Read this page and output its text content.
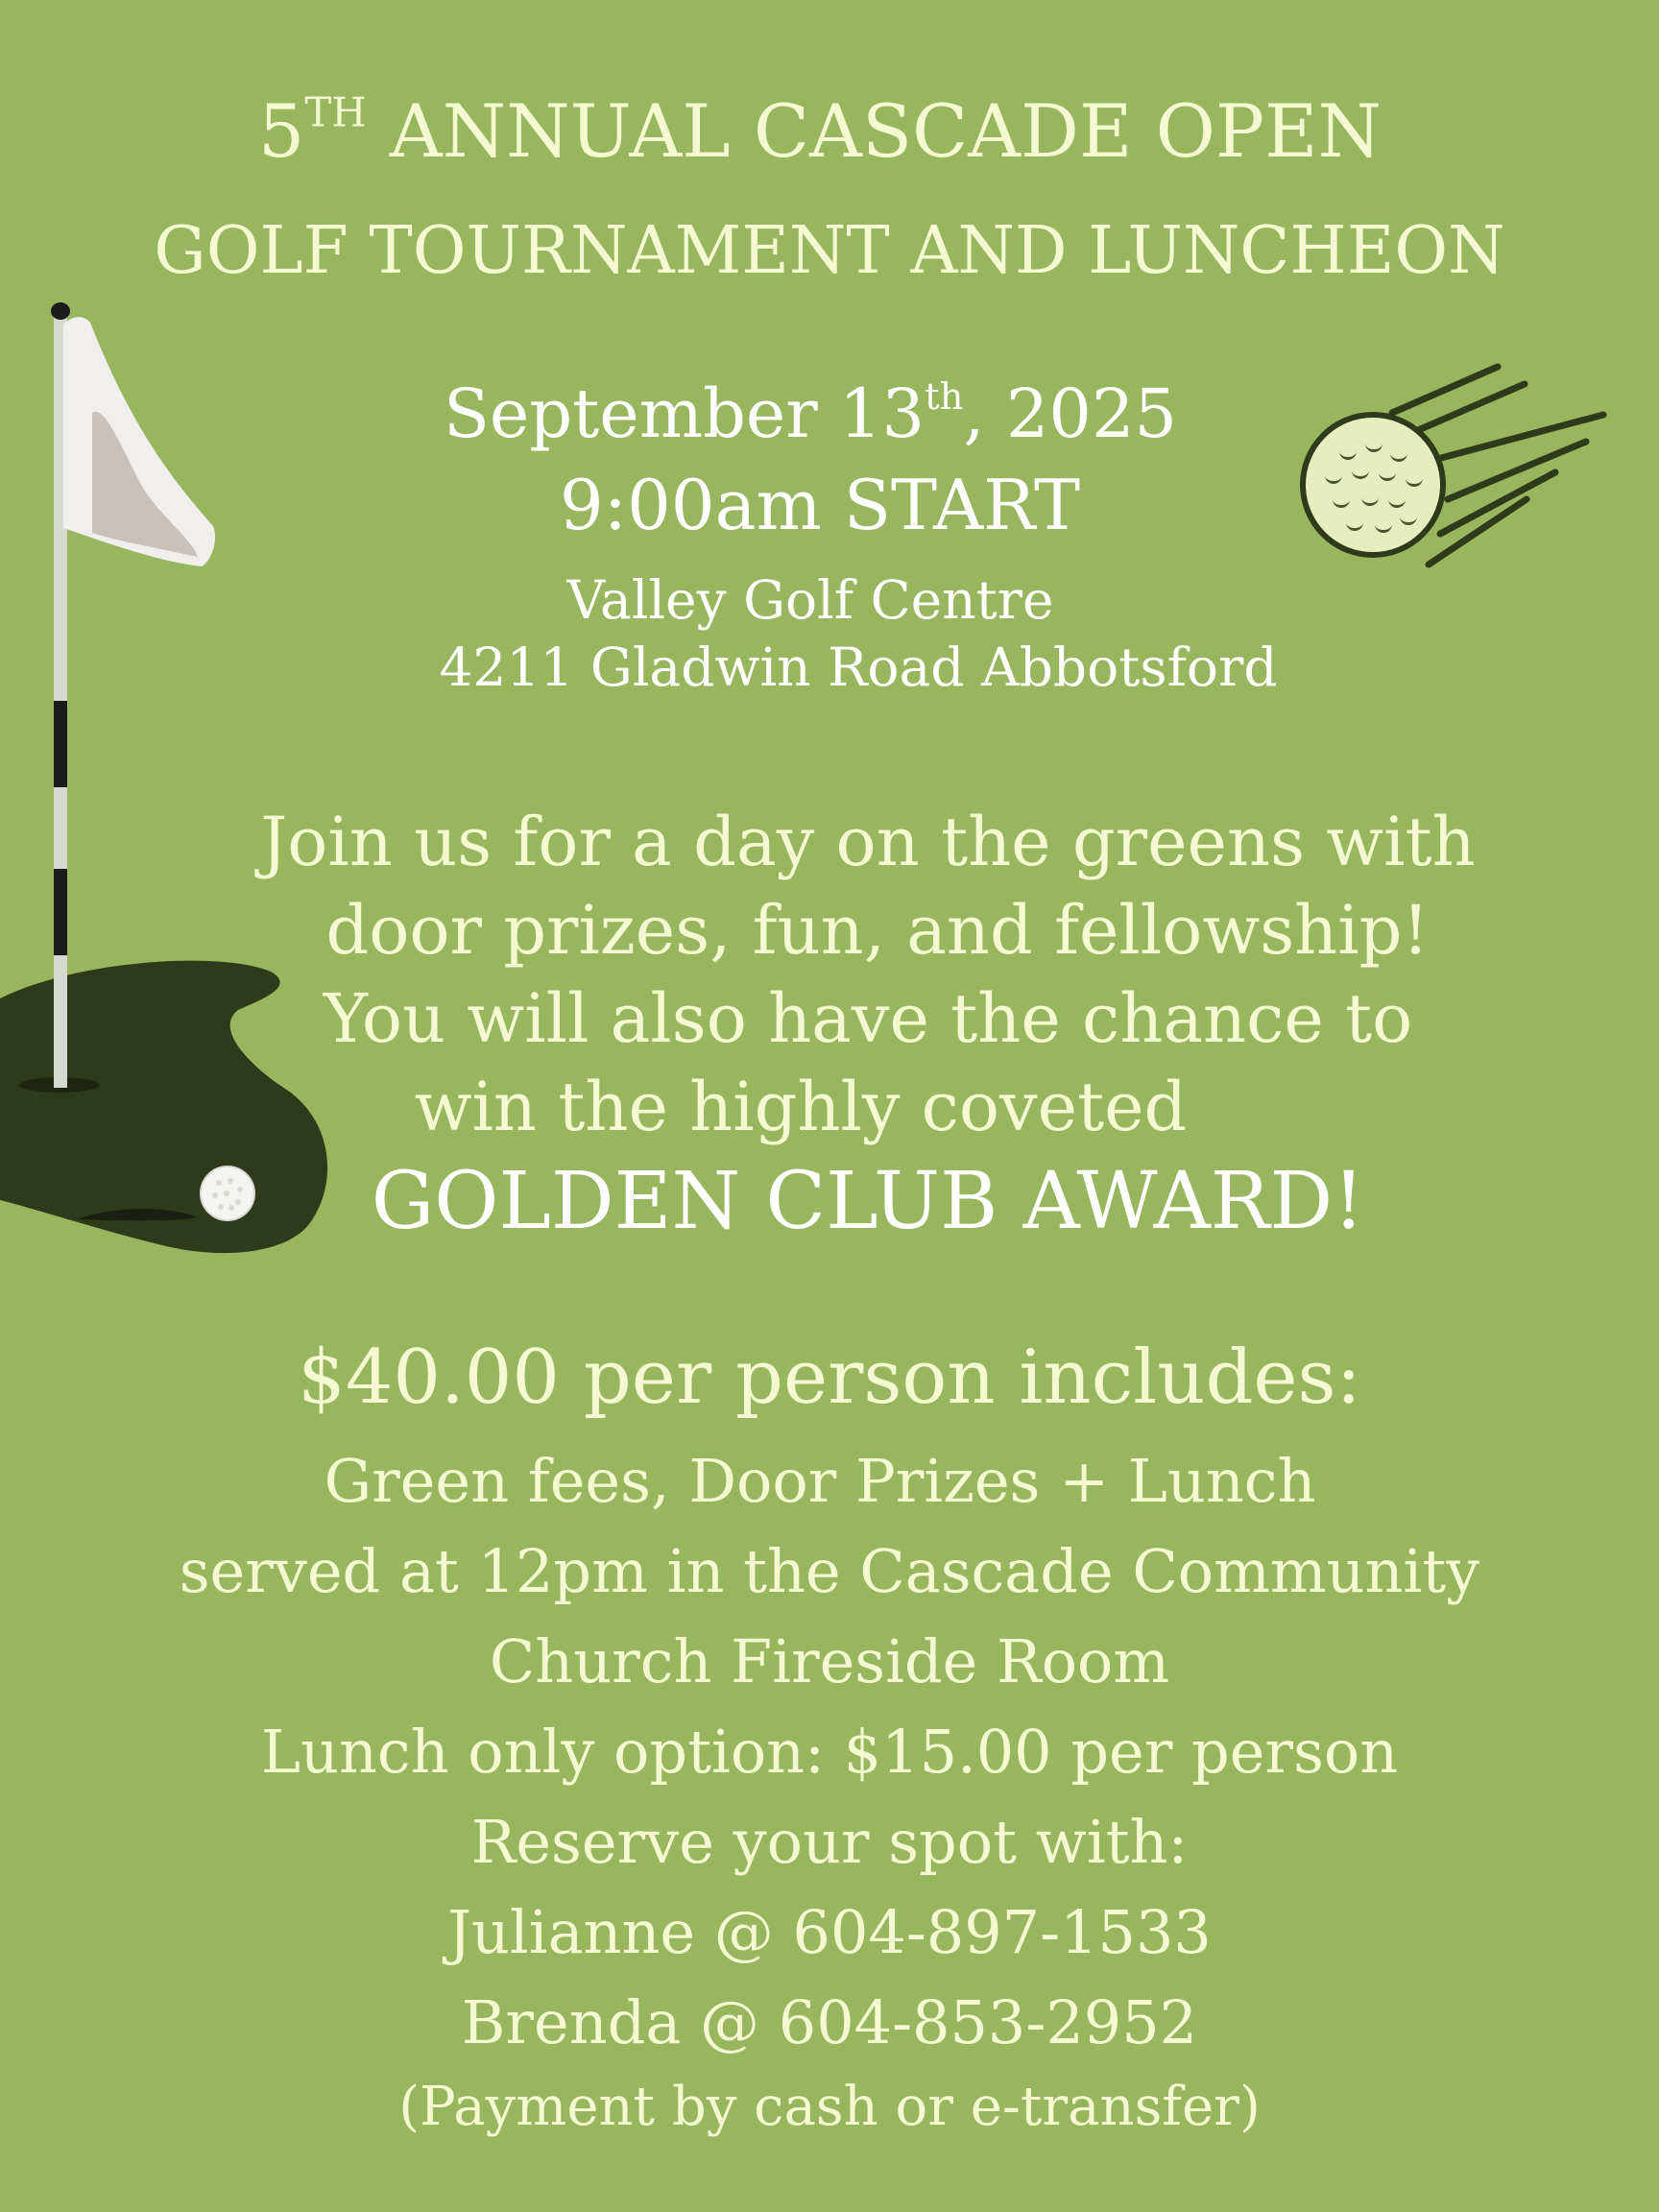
5TH ANNUAL CASCADE OPEN
GOLF TOURNAMENT AND LUNCHEON
September 13th, 2025
9:00am START
Valley Golf Centre
4211 Gladwin Road Abbotsford
Join us for a day on the greens with
door prizes, fun, and fellowship!
You will also have the chance to
win the highly coveted
GOLDEN CLUB AWARD!
$40.00 per person includes:
Green fees, Door Prizes + Lunch
served at 12pm in the Cascade Community
Church Fireside Room
Lunch only option: $15.00 per person
Reserve your spot with:
Julianne @ 604-897-1533
Brenda @ 604-853-2952
(Payment by cash or e-transfer)
